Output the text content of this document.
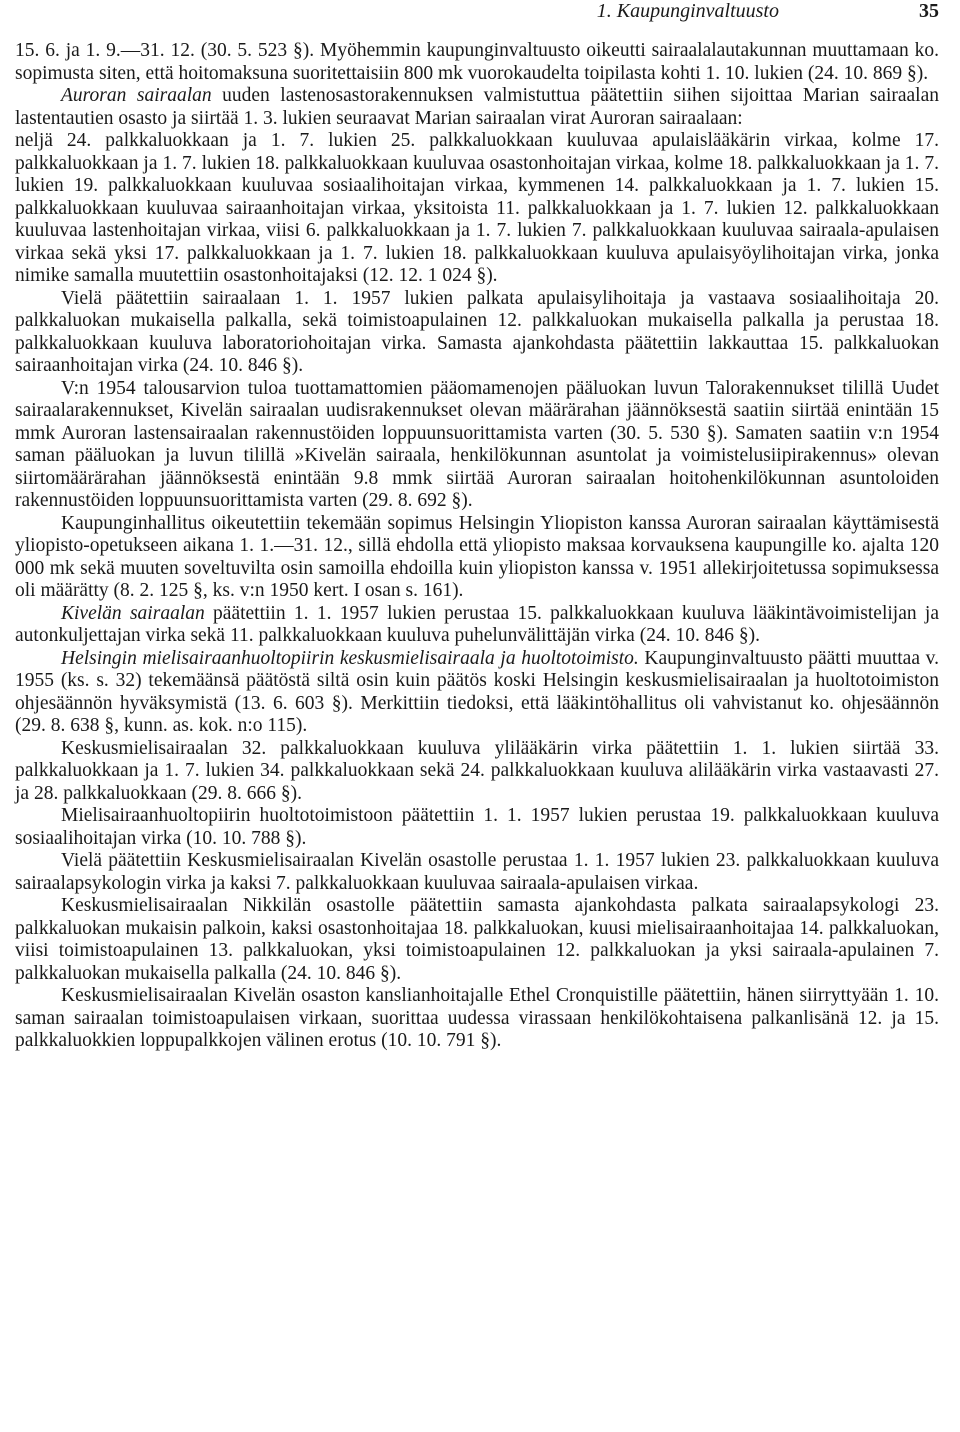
1. Kaupunginvaltuusto	35

15. 6. ja 1. 9.—31. 12. (30. 5. 523 §). Myöhemmin kaupunginvaltuusto oikeutti sairaalalautakunnan muuttamaan ko. sopimusta siten, että hoitomaksuna suoritettaisiin 800 mk vuorokaudelta toipilasta kohti 1. 10. lukien (24. 10. 869 §).

Auroran sairaalan uuden lastenosastorakennuksen valmistuttua päätettiin siihen sijoittaa Marian sairaalan lastentautien osasto ja siirtää 1. 3. lukien seuraavat Marian sairaalan virat Auroran sairaalaan:

neljä 24. palkkaluokkaan ja 1. 7. lukien 25. palkkaluokkaan kuuluvaa apulaislääkärin virkaa, kolme 17. palkkaluokkaan ja 1. 7. lukien 18. palkkaluokkaan kuuluvaa osastonhoitajan virkaa, kolme 18. palkkaluokkaan ja 1. 7. lukien 19. palkkaluokkaan kuuluvaa sosiaalihoitajan virkaa, kymmenen 14. palkkaluokkaan ja 1. 7. lukien 15. palkkaluokkaan kuuluvaa sairaanhoitajan virkaa, yksitoista 11. palkkaluokkaan ja 1. 7. lukien 12. palkkaluokkaan kuuluvaa lastenhoitajan virkaa, viisi 6. palkkaluokkaan ja 1. 7. lukien 7. palkkaluokkaan kuuluvaa sairaala-apulaisen virkaa sekä yksi 17. palkkaluokkaan ja 1. 7. lukien 18. palkkaluokkaan kuuluva apulaisyöylihoitajan virka, jonka nimike samalla muutettiin osastonhoitajaksi (12. 12. 1 024 §).

Vielä päätettiin sairaalaan 1. 1. 1957 lukien palkata apulaisylihoitaja ja vastaava sosiaalihoitaja 20. palkkaluokan mukaisella palkalla, sekä toimistoapulainen 12. palkkaluokan mukaisella palkalla ja perustaa 18. palkkaluokkaan kuuluva laboratoriohoitajan virka. Samasta ajankohdasta päätettiin lakkauttaa 15. palkkaluokan sairaanhoitajan virka (24. 10. 846 §).

V:n 1954 talousarvion tuloa tuottamattomien pääomamenojen pääluokan luvun Talorakennukset tilillä Uudet sairaalarakennukset, Kivelän sairaalan uudisrakennukset olevan määrärahan jäännöksestä saatiin siirtää enintään 15 mmk Auroran lastensairaalan rakennustöiden loppuunsuorittamista varten (30. 5. 530 §). Samaten saatiin v:n 1954 saman pääluokan ja luvun tilillä »Kivelän sairaala, henkilökunnan asuntolat ja voimistelusiipirakennus» olevan siirtomäärärahan jäännöksestä enintään 9.8 mmk siirtää Auroran sairaalan hoitohenkilökunnan asuntoloiden rakennustöiden loppuunsuorittamista varten (29. 8. 692 §).

Kaupunginhallitus oikeutettiin tekemään sopimus Helsingin Yliopiston kanssa Auroran sairaalan käyttämisestä yliopisto-opetukseen aikana 1. 1.—31. 12., sillä ehdolla että yliopisto maksaa korvauksena kaupungille ko. ajalta 120 000 mk sekä muuten soveltuvilta osin samoilla ehdoilla kuin yliopiston kanssa v. 1951 allekirjoitetussa sopimuksessa oli määrätty (8. 2. 125 §, ks. v:n 1950 kert. I osan s. 161).

Kivelän sairaalan päätettiin 1. 1. 1957 lukien perustaa 15. palkkaluokkaan kuuluva lääkintävoimistelijan ja autonkuljettajan virka sekä 11. palkkaluokkaan kuuluva puhelunvälittäjän virka (24. 10. 846 §).

Helsingin mielisairaanhuoltopiirin keskusmielisairaala ja huoltotoimisto. Kaupunginvaltuusto päätti muuttaa v. 1955 (ks. s. 32) tekemäänsä päätöstä siltä osin kuin päätös koski Helsingin keskusmielisairaalan ja huoltotoimiston ohjesäännön hyväksymistä (13. 6. 603 §). Merkittiin tiedoksi, että lääkintöhallitus oli vahvistanut ko. ohjesäännön (29. 8. 638 §, kunn. as. kok. n:o 115).

Keskusmielisairaalan 32. palkkaluokkaan kuuluva ylilääkärin virka päätettiin 1. 1. lukien siirtää 33. palkkaluokkaan ja 1. 7. lukien 34. palkkaluokkaan sekä 24. palkkaluokkaan kuuluva alilääkärin virka vastaavasti 27. ja 28. palkkaluokkaan (29. 8. 666 §).

Mielisairaanhuoltopiirin huoltotoimistoon päätettiin 1. 1. 1957 lukien perustaa 19. palkkaluokkaan kuuluva sosiaalihoitajan virka (10. 10. 788 §).

Vielä päätettiin Keskusmielisairaalan Kivelän osastolle perustaa 1. 1. 1957 lukien 23. palkkaluokkaan kuuluva sairaalapsykologin virka ja kaksi 7. palkkaluokkaan kuuluvaa sairaala-apulaisen virkaa.

Keskusmielisairaalan Nikkilän osastolle päätettiin samasta ajankohdasta palkata sairaalapsykologi 23. palkkaluokan mukaisin palkoin, kaksi osastonhoitajaa 18. palkkaluokan, kuusi mielisairaanhoitajaa 14. palkkaluokan, viisi toimistoapulainen 13. palkkaluokan, yksi toimistoapulainen 12. palkkaluokan ja yksi sairaala-apulainen 7. palkkaluokan mukaisella palkalla (24. 10. 846 §).

Keskusmielisairaalan Kivelän osaston kanslianhoitajalle Ethel Cronquistille päätettiin, hänen siirryttyään 1. 10. saman sairaalan toimistoapulaisen virkaan, suorittaa uudessa virassaan henkilökohtaisena palkanlisänä 12. ja 15. palkkaluokkien loppupalkkojen välinen erotus (10. 10. 791 §).
